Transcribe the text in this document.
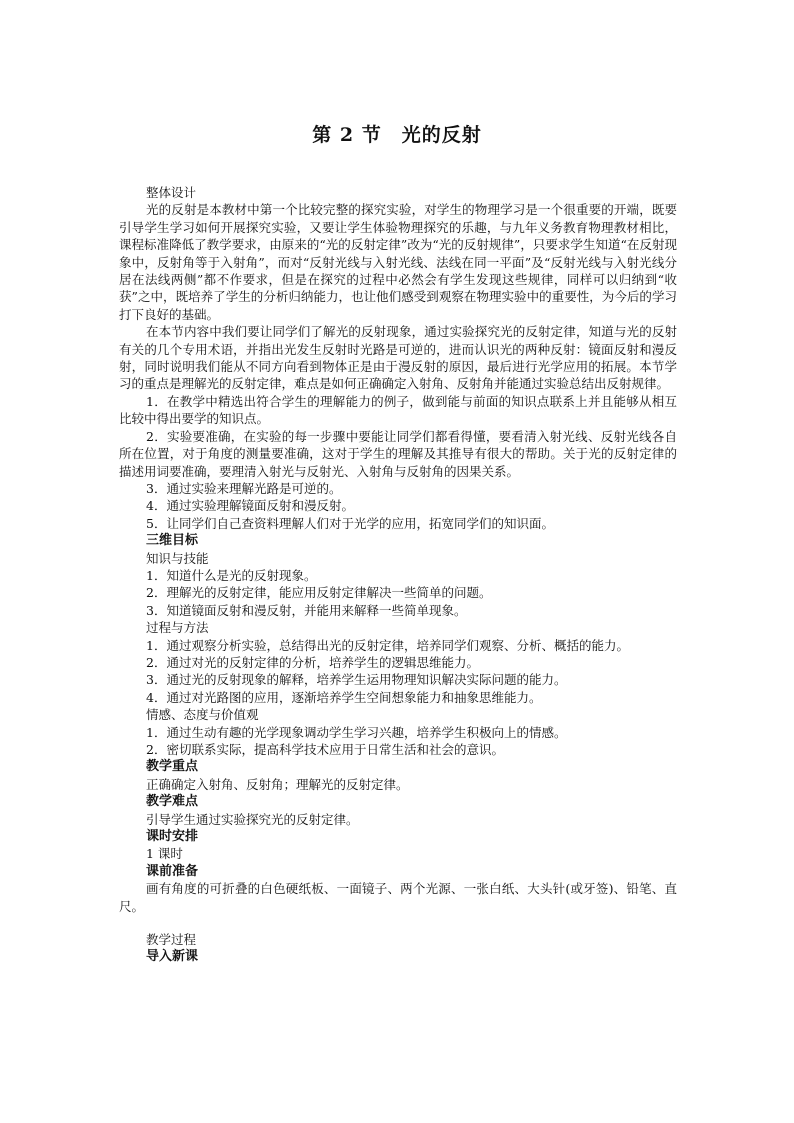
第 2 节　光的反射

整体设计

光的反射是本教材中第一个比较完整的探究实验，对学生的物理学习是一个很重要的开端，既要引导学生学习如何开展探究实验，又要让学生体验物理探究的乐趣，与九年义务教育物理教材相比，课程标准降低了教学要求，由原来的“光的反射定律”改为“光的反射规律”，只要求学生知道“在反射现象中，反射角等于入射角”，而对“反射光线与入射光线、法线在同一平面”及“反射光线与入射光线分居在法线两侧”都不作要求，但是在探究的过程中必然会有学生发现这些规律，同样可以归纳到“收获”之中，既培养了学生的分析归纳能力，也让他们感受到观察在物理实验中的重要性，为今后的学习打下良好的基础。

在本节内容中我们要让同学们了解光的反射现象，通过实验探究光的反射定律，知道与光的反射有关的几个专用术语，并指出光发生反射时光路是可逆的，进而认识光的两种反射：镜面反射和漫反射，同时说明我们能从不同方向看到物体正是由于漫反射的原因，最后进行光学应用的拓展。本节学习的重点是理解光的反射定律，难点是如何正确确定入射角、反射角并能通过实验总结出反射规律。

1．在教学中精选出符合学生的理解能力的例子，做到能与前面的知识点联系上并且能够从相互比较中得出要学的知识点。

2．实验要准确，在实验的每一步骤中要能让同学们都看得懂，要看清入射光线、反射光线各自所在位置，对于角度的测量要准确，这对于学生的理解及其推导有很大的帮助。关于光的反射定律的描述用词要准确，要理清入射光与反射光、入射角与反射角的因果关系。

3．通过实验来理解光路是可逆的。

4．通过实验理解镜面反射和漫反射。

5．让同学们自己查资料理解人们对于光学的应用，拓宽同学们的知识面。

三维目标

知识与技能

1．知道什么是光的反射现象。

2．理解光的反射定律，能应用反射定律解决一些简单的问题。

3．知道镜面反射和漫反射，并能用来解释一些简单现象。

过程与方法

1．通过观察分析实验，总结得出光的反射定律，培养同学们观察、分析、概括的能力。

2．通过对光的反射定律的分析，培养学生的逻辑思维能力。

3．通过光的反射现象的解释，培养学生运用物理知识解决实际问题的能力。

4．通过对光路图的应用，逐渐培养学生空间想象能力和抽象思维能力。

情感、态度与价值观

1．通过生动有趣的光学现象调动学生学习兴趣，培养学生积极向上的情感。

2．密切联系实际，提高科学技术应用于日常生活和社会的意识。

教学重点

正确确定入射角、反射角；理解光的反射定律。

教学难点

引导学生通过实验探究光的反射定律。

课时安排

1 课时

课前准备

画有角度的可折叠的白色硬纸板、一面镜子、两个光源、一张白纸、大头针(或牙签)、铅笔、直尺。

教学过程

导入新课
